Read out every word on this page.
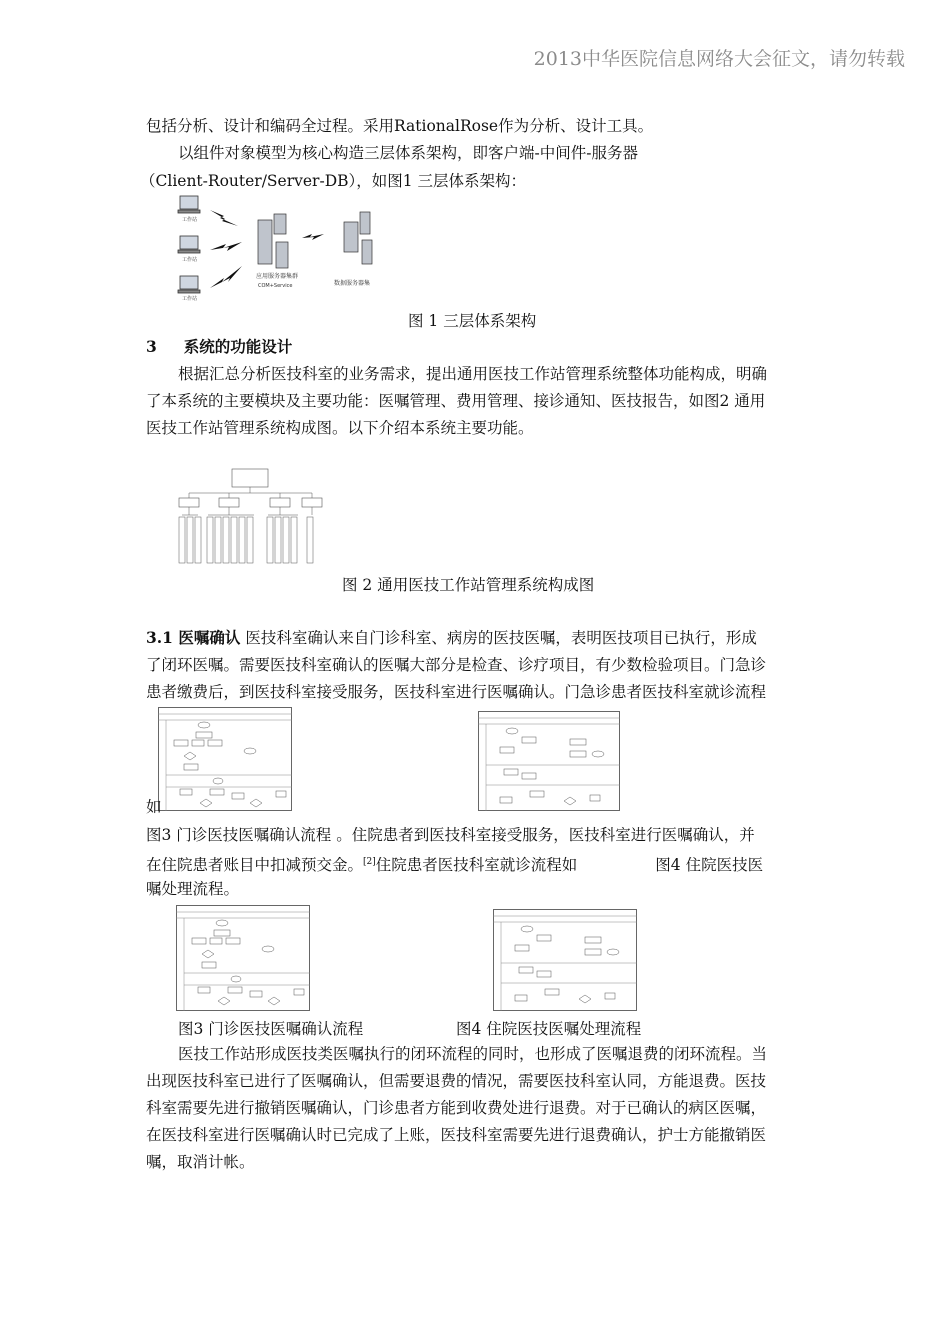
2013中华医院信息网络大会征文，请勿转载
包括分析、设计和编码全过程。采用RationalRose作为分析、设计工具。
以组件对象模型为核心构造三层体系架构，即客户端-中间件-服务器
（Client-Router/Server-DB），如图1 三层体系架构：
工作站
工作站
工作站
应用服务器集群
COM+Service	数据服务器集
图 1 三层体系架构
3     系统的功能设计
根据汇总分析医技科室的业务需求，提出通用医技工作站管理系统整体功能构成，明确
了本系统的主要模块及主要功能：医嘱管理、费用管理、接诊通知、医技报告，如图2 通用
医技工作站管理系统构成图。以下介绍本系统主要功能。
图 2 通用医技工作站管理系统构成图
3.1 医嘱确认 医技科室确认来自门诊科室、病房的医技医嘱，表明医技项目已执行，形成
了闭环医嘱。需要医技科室确认的医嘱大部分是检查、诊疗项目，有少数检验项目。门急诊
患者缴费后，到医技科室接受服务，医技科室进行医嘱确认。门急诊患者医技科室就诊流程
如
图3 门诊医技医嘱确认流程 。住院患者到医技科室接受服务，医技科室进行医嘱确认，并
在住院患者账目中扣减预交金。[2]住院患者医技科室就诊流程如	图4 住院医技医
嘱处理流程。
图3 门诊医技医嘱确认流程	图4 住院医技医嘱处理流程
医技工作站形成医技类医嘱执行的闭环流程的同时，也形成了医嘱退费的闭环流程。当
出现医技科室已进行了医嘱确认，但需要退费的情况，需要医技科室认同，方能退费。医技
科室需要先进行撤销医嘱确认，门诊患者方能到收费处进行退费。对于已确认的病区医嘱，
在医技科室进行医嘱确认时已完成了上账，医技科室需要先进行退费确认，护士方能撤销医
嘱，取消计帐。
